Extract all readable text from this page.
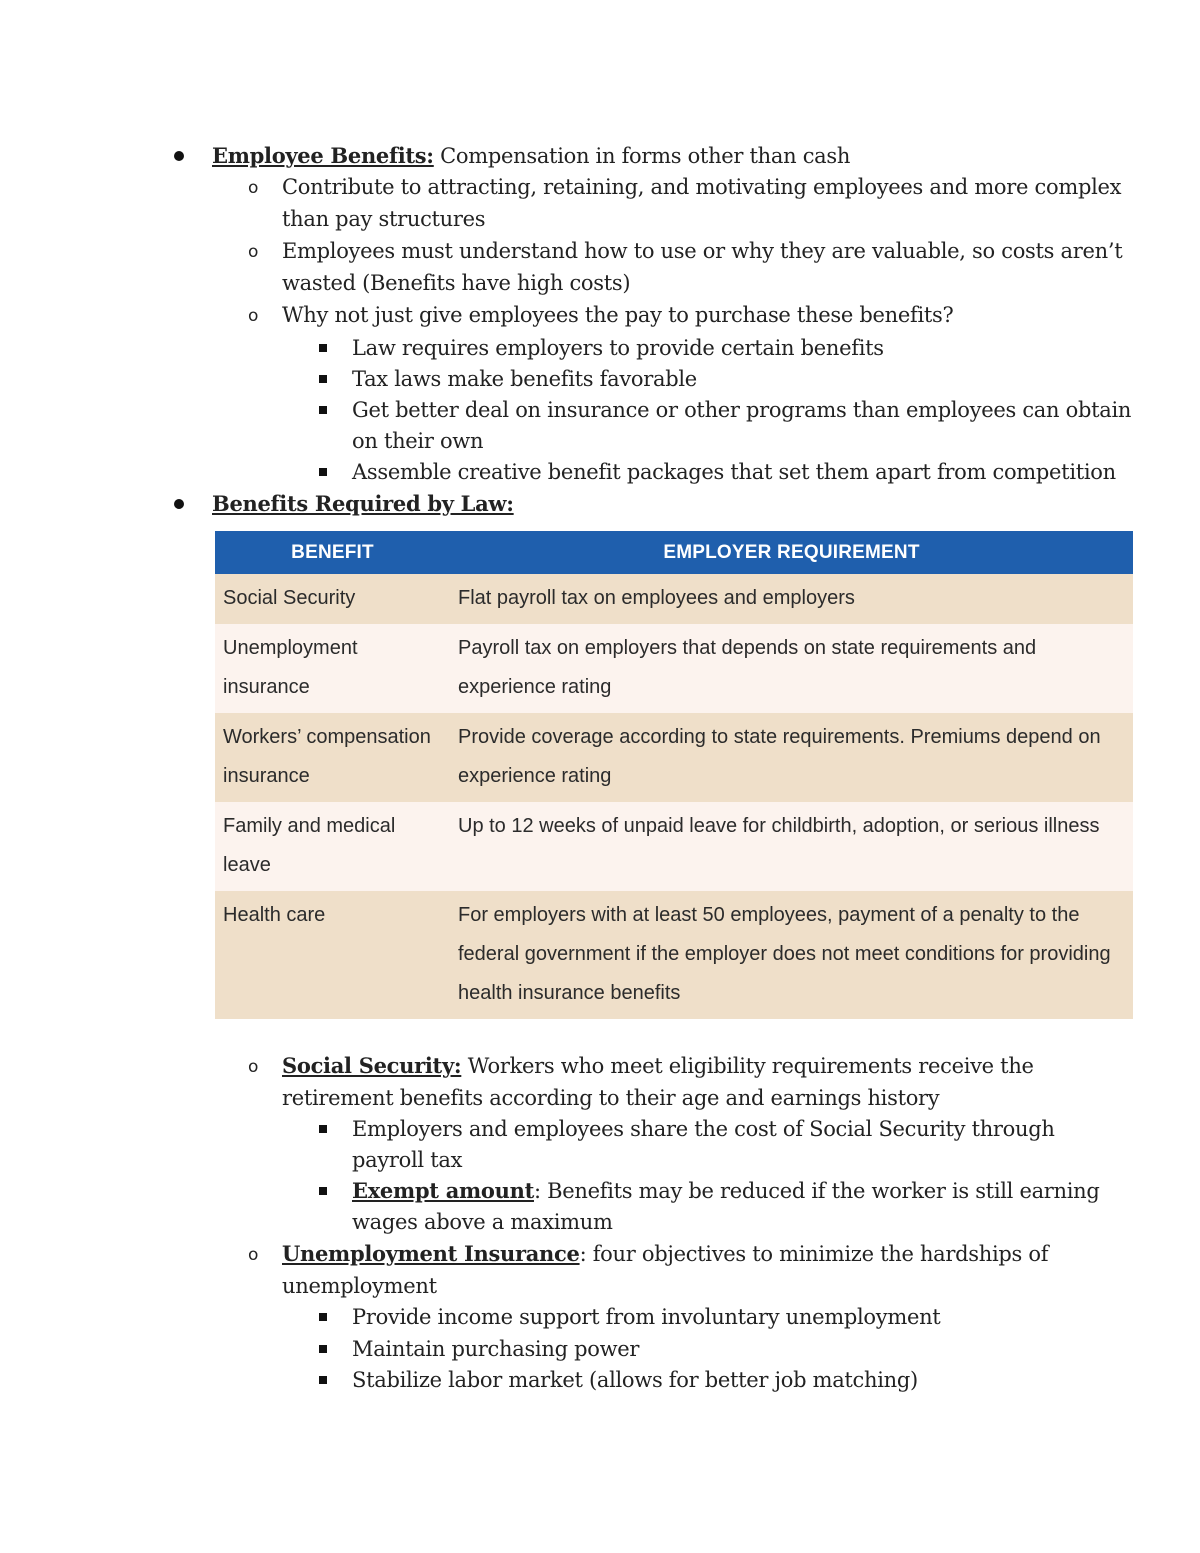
Employee Benefits: Compensation in forms other than cash
o Contribute to attracting, retaining, and motivating employees and more complex
than pay structures
o Employees must understand how to use or why they are valuable, so costs aren’t
wasted (Benefits have high costs)
o Why not just give employees the pay to purchase these benefits?
Law requires employers to provide certain benefits
Tax laws make benefits favorable
Get better deal on insurance or other programs than employees can obtain
on their own
Assemble creative benefit packages that set them apart from competition
Benefits Required by Law:
BENEFIT	EMPLOYER REQUIREMENT
Social Security	Flat payroll tax on employees and employers
Unemployment insurance	Payroll tax on employers that depends on state requirements and experience rating
Workers’ compensation insurance	Provide coverage according to state requirements. Premiums depend on experience rating
Family and medical leave	Up to 12 weeks of unpaid leave for childbirth, adoption, or serious illness
Health care	For employers with at least 50 employees, payment of a penalty to the federal government if the employer does not meet conditions for providing health insurance benefits
o Social Security: Workers who meet eligibility requirements receive the
retirement benefits according to their age and earnings history
Employers and employees share the cost of Social Security through
payroll tax
Exempt amount: Benefits may be reduced if the worker is still earning
wages above a maximum
o Unemployment Insurance: four objectives to minimize the hardships of
unemployment
Provide income support from involuntary unemployment
Maintain purchasing power
Stabilize labor market (allows for better job matching)
